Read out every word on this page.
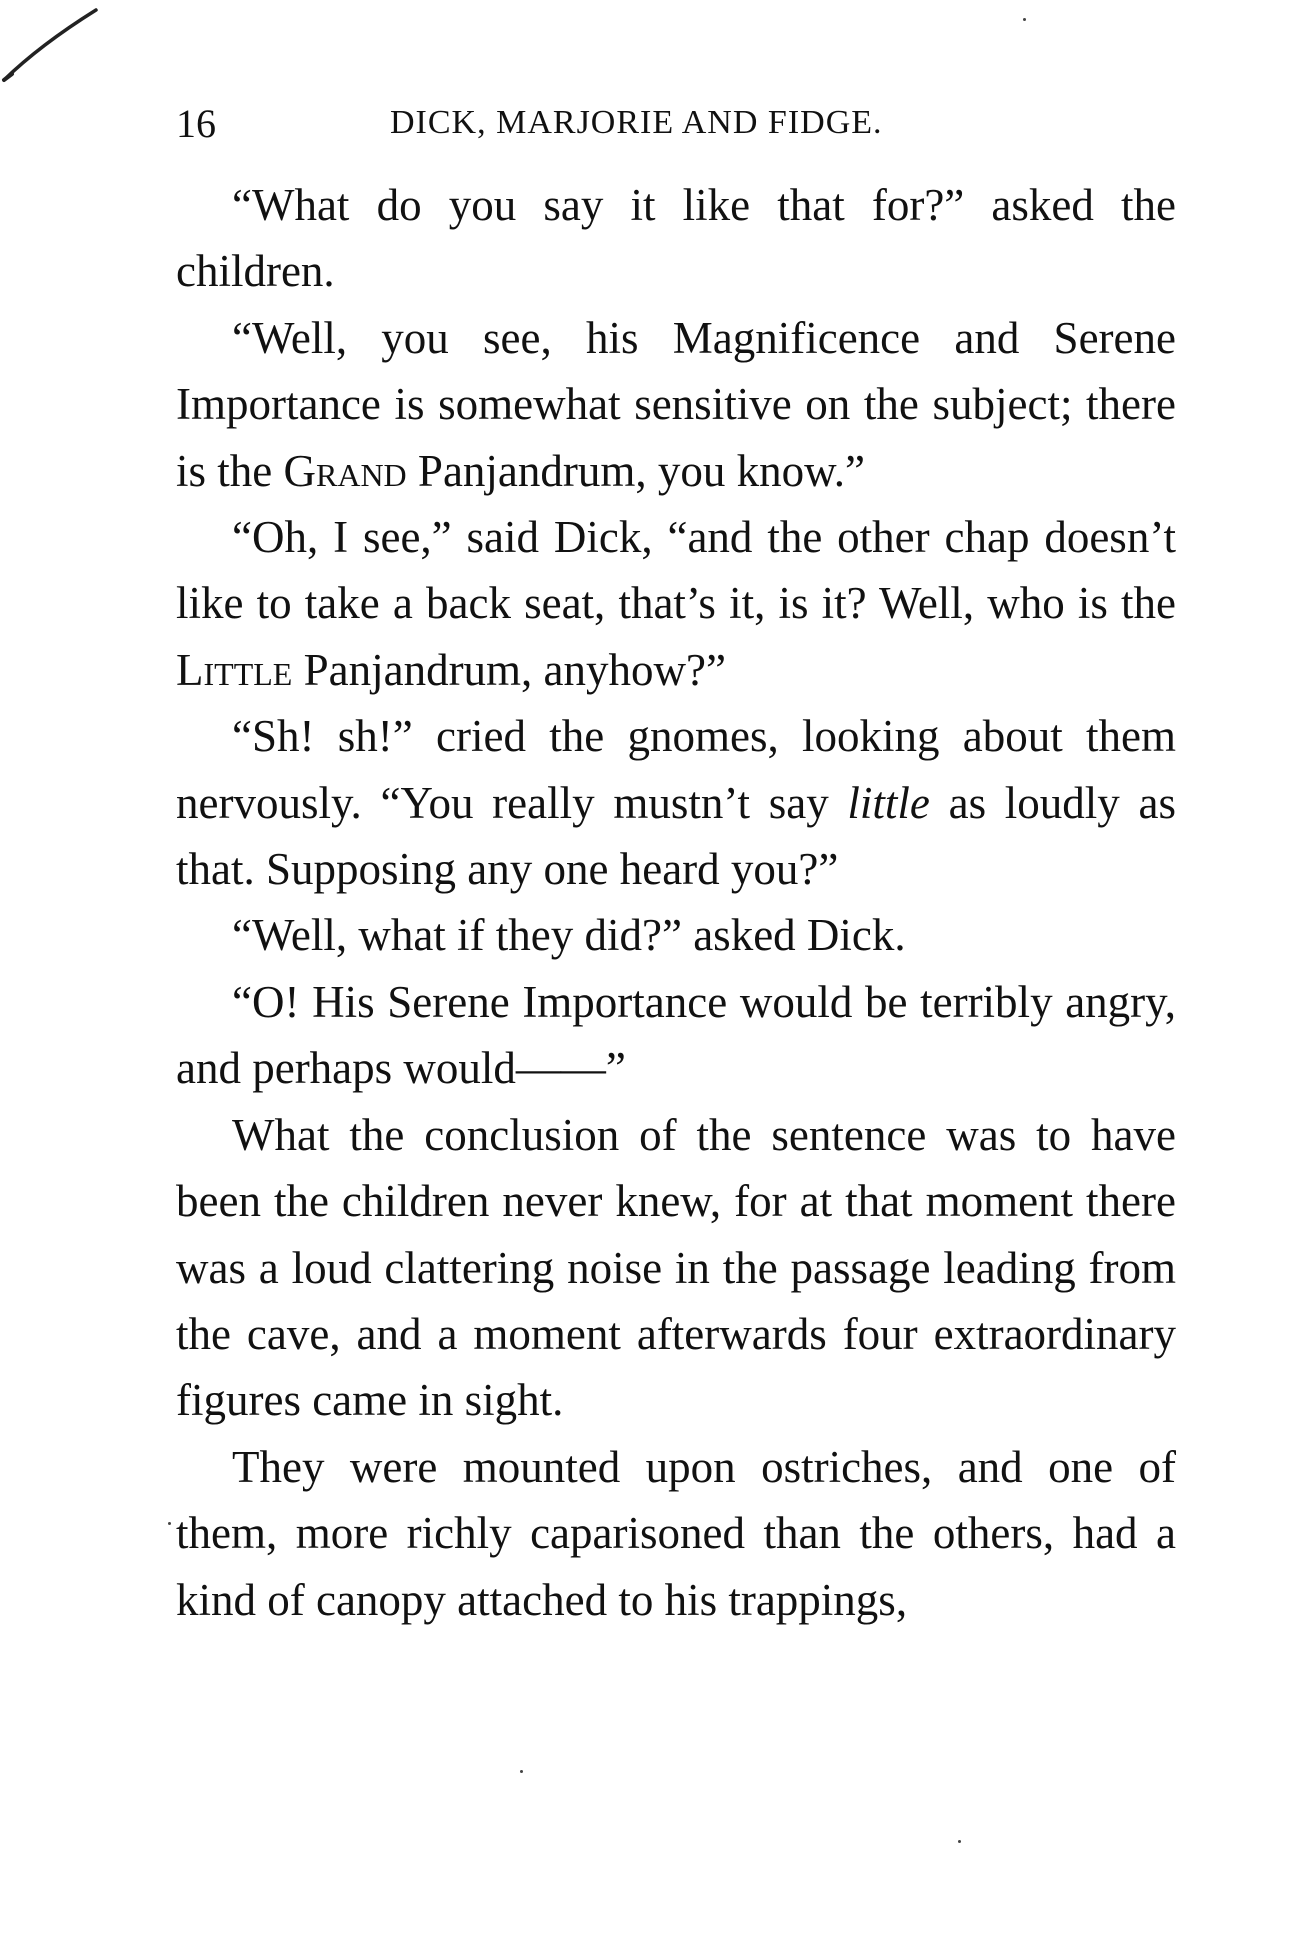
16	DICK, MARJORIE AND FIDGE.

“What do you say it like that for?” asked the children.

“Well, you see, his Magnificence and Serene Importance is somewhat sensitive on the subject; there is the Grand Panjandrum, you know.”

“Oh, I see,” said Dick, “and the other chap doesn’t like to take a back seat, that’s it, is it? Well, who is the Little Panjandrum, anyhow?”

“Sh! sh!” cried the gnomes, looking about them nervously. “You really mustn’t say little as loudly as that. Supposing any one heard you?”

“Well, what if they did?” asked Dick.

“O! His Serene Importance would be terribly angry, and perhaps would——”

What the conclusion of the sentence was to have been the children never knew, for at that moment there was a loud clattering noise in the passage leading from the cave, and a moment afterwards four extraordinary figures came in sight.

They were mounted upon ostriches, and one of them, more richly caparisoned than the others, had a kind of canopy attached to his trappings,
